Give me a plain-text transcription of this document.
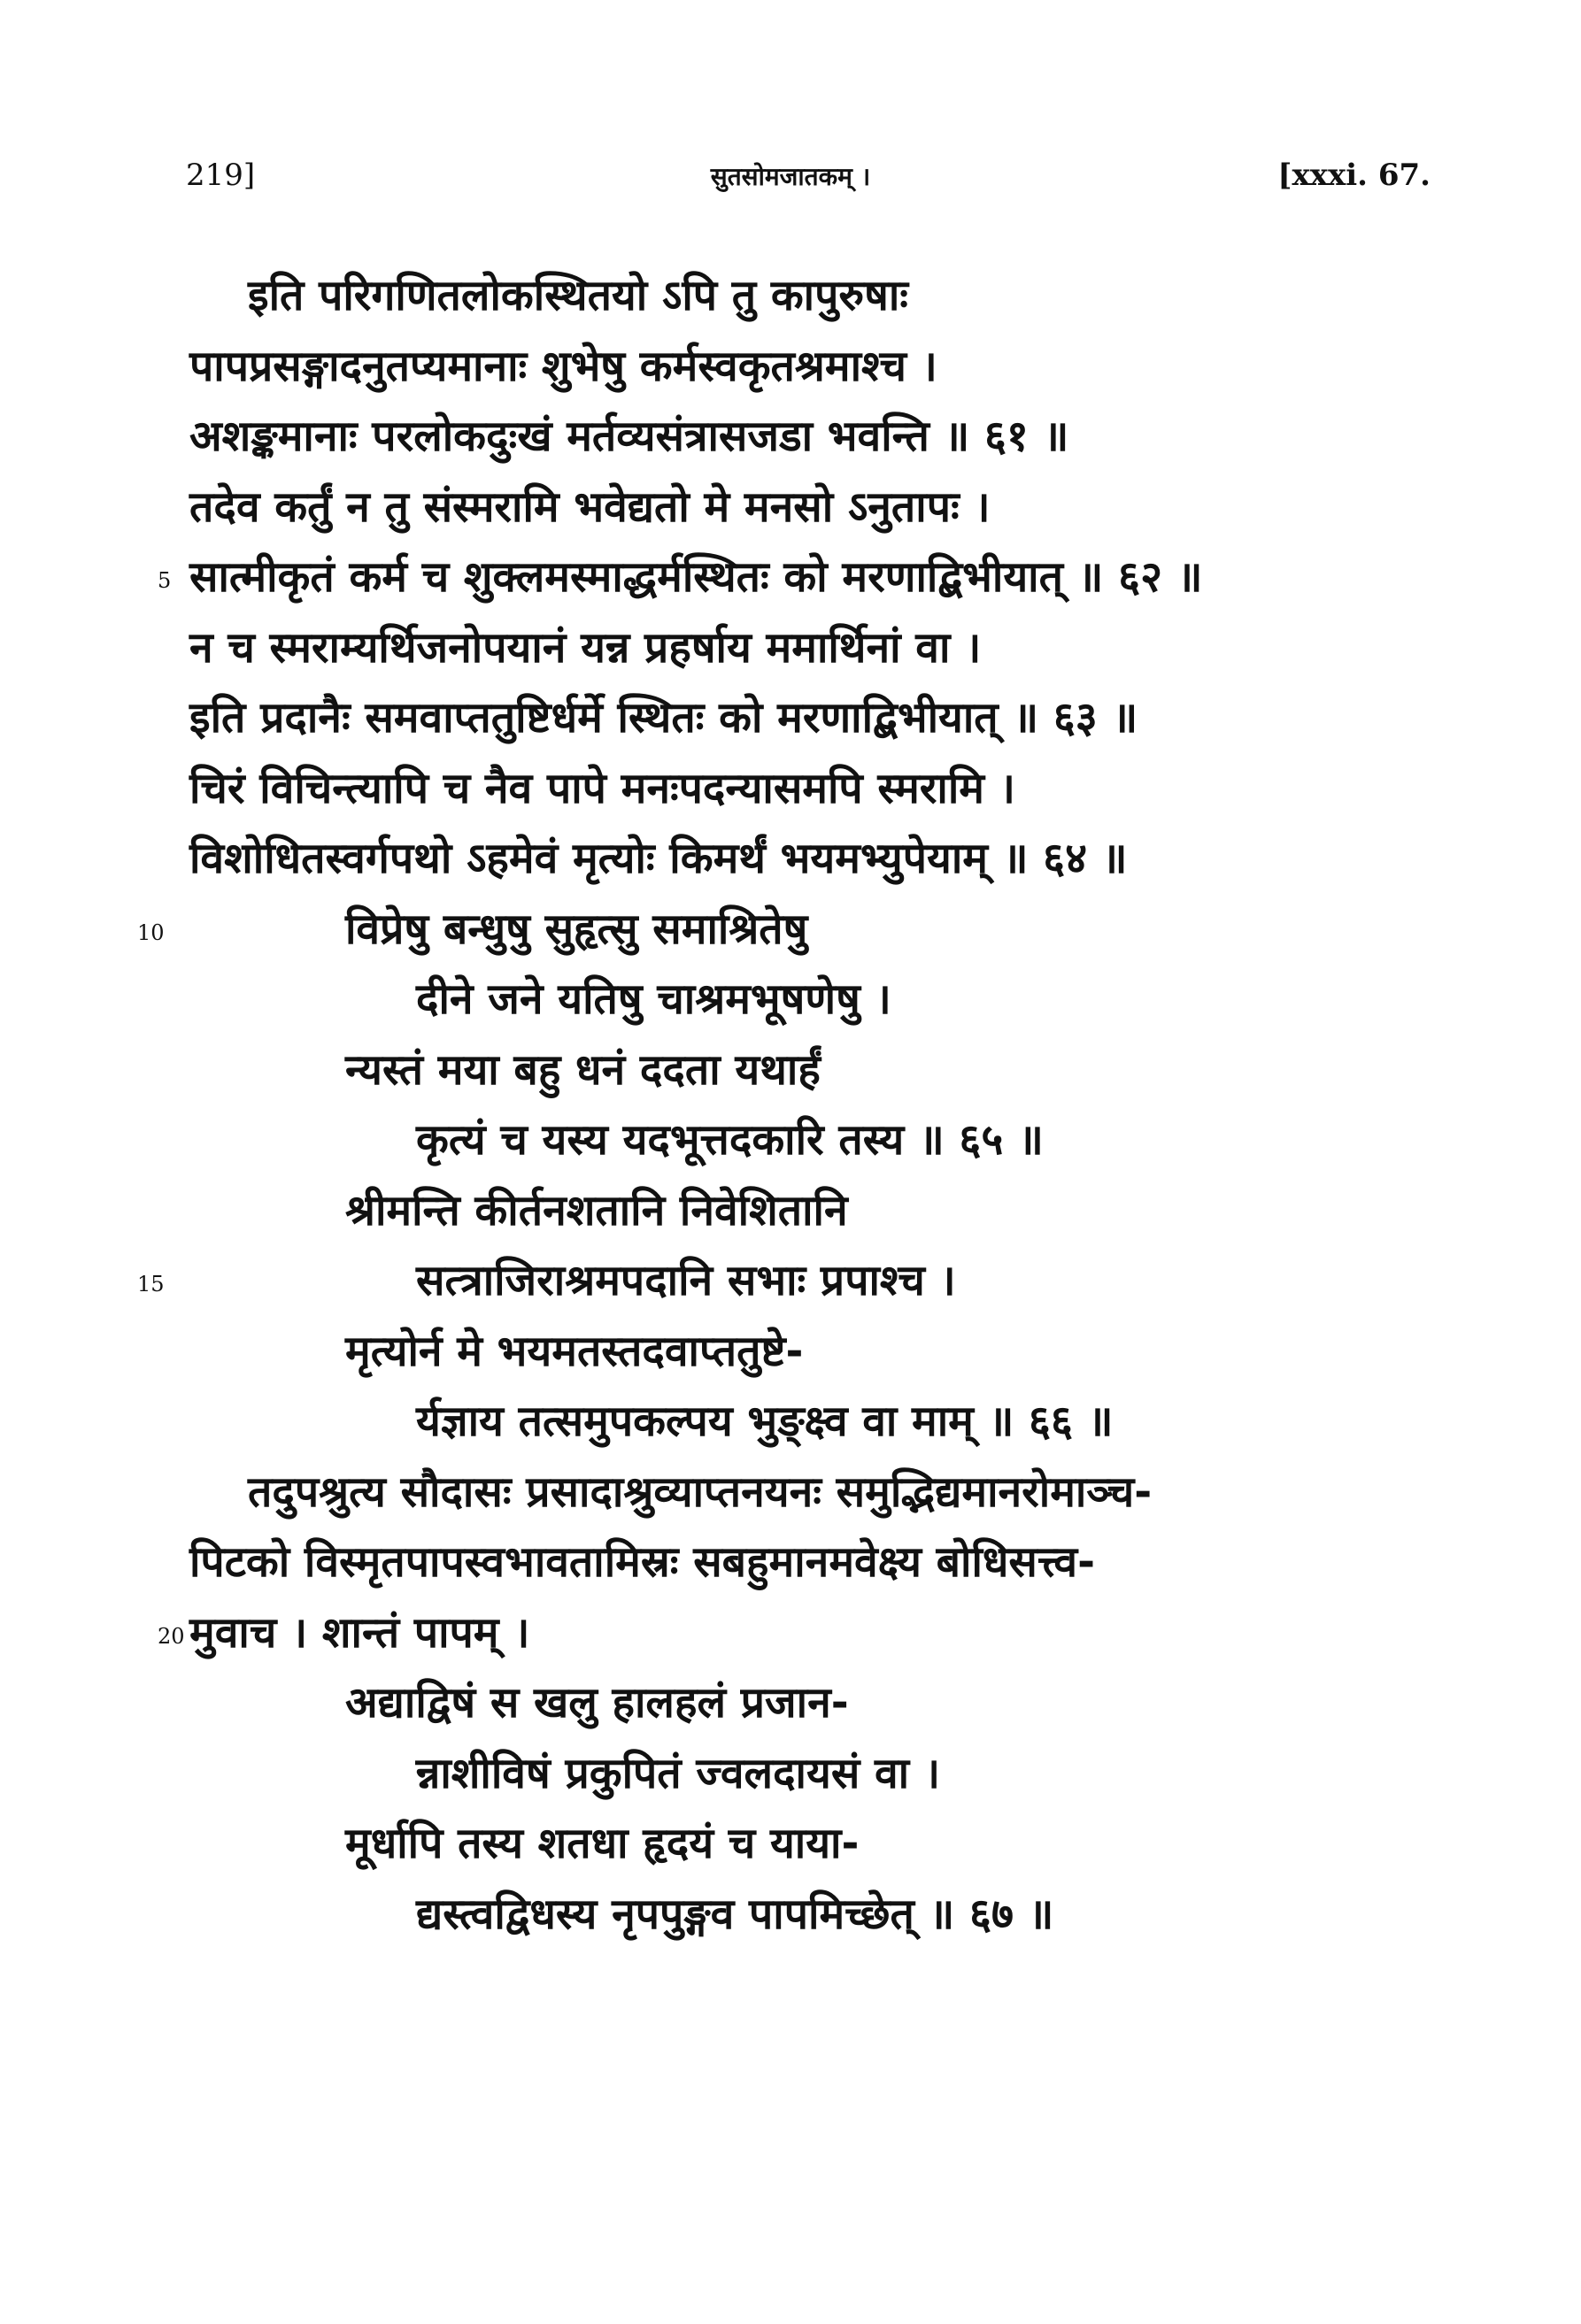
219]	सुतसोमजातकम् ।	[xxxi. 67.
इति परिगणितलोकस्थितयो ऽपि तु कापुरुषाः
पापप्रसङ्गादनुतप्यमानाः शुभेषु कर्मस्वकृतश्रमाश्च ।
अशङ्कमानाः परलोकदुःखं मर्तव्यसंत्रासजडा भवन्ति ॥ ६१ ॥
तदेव कर्तुं न तु संस्मरामि भवेद्यतो मे मनसो ऽनुतापः ।
5 सात्मीकृतं कर्म च शुक्लमस्माद्धर्मस्थितः को मरणाद्बिभीयात् ॥ ६२ ॥
न च स्मराम्यर्थिजनोपयानं यन्न प्रहर्षाय ममार्थिनां वा ।
इति प्रदानैः समवाप्ततुष्टिर्धर्मे स्थितः को मरणाद्बिभीयात् ॥ ६३ ॥
चिरं विचिन्त्यापि च नैव पापे मनःपदन्यासमपि स्मरामि ।
विशोधितस्वर्गपथो ऽहमेवं मृत्योः किमर्थं भयमभ्युपेयाम् ॥ ६४ ॥
10	विप्रेषु बन्धुषु सुहृत्सु समाश्रितेषु
दीने जने यतिषु चाश्रमभूषणेषु ।
न्यस्तं मया बहु धनं ददता यथार्हं
कृत्यं च यस्य यदभूत्तदकारि तस्य ॥ ६५ ॥
श्रीमन्ति कीर्तनशतानि निवेशितानि
15	सत्त्राजिराश्रमपदानि सभाः प्रपाश्च ।
मृत्योर्न मे भयमतस्तदवाप्ततुष्टे-
र्यज्ञाय तत्समुपकल्पय भुङ्क्ष्व वा माम् ॥ ६६ ॥
तदुपश्रुत्य सौदासः प्रसादाश्रुव्याप्तनयनः समुद्भिद्यमानरोमाञ्च-
पिटको विस्मृतपापस्वभावतामिस्रः सबहुमानमवेक्ष्य बोधिसत्त्व-
20 मुवाच । शान्तं पापम् ।
अद्याद्विषं स खलु हालहलं प्रजान-
न्नाशीविषं प्रकुपितं ज्वलदायसं वा ।
मूर्धापि तस्य शतधा हृदयं च याया-
द्यस्त्वद्विधस्य नृपपुङ्गव पापमिच्छेत् ॥ ६७ ॥
